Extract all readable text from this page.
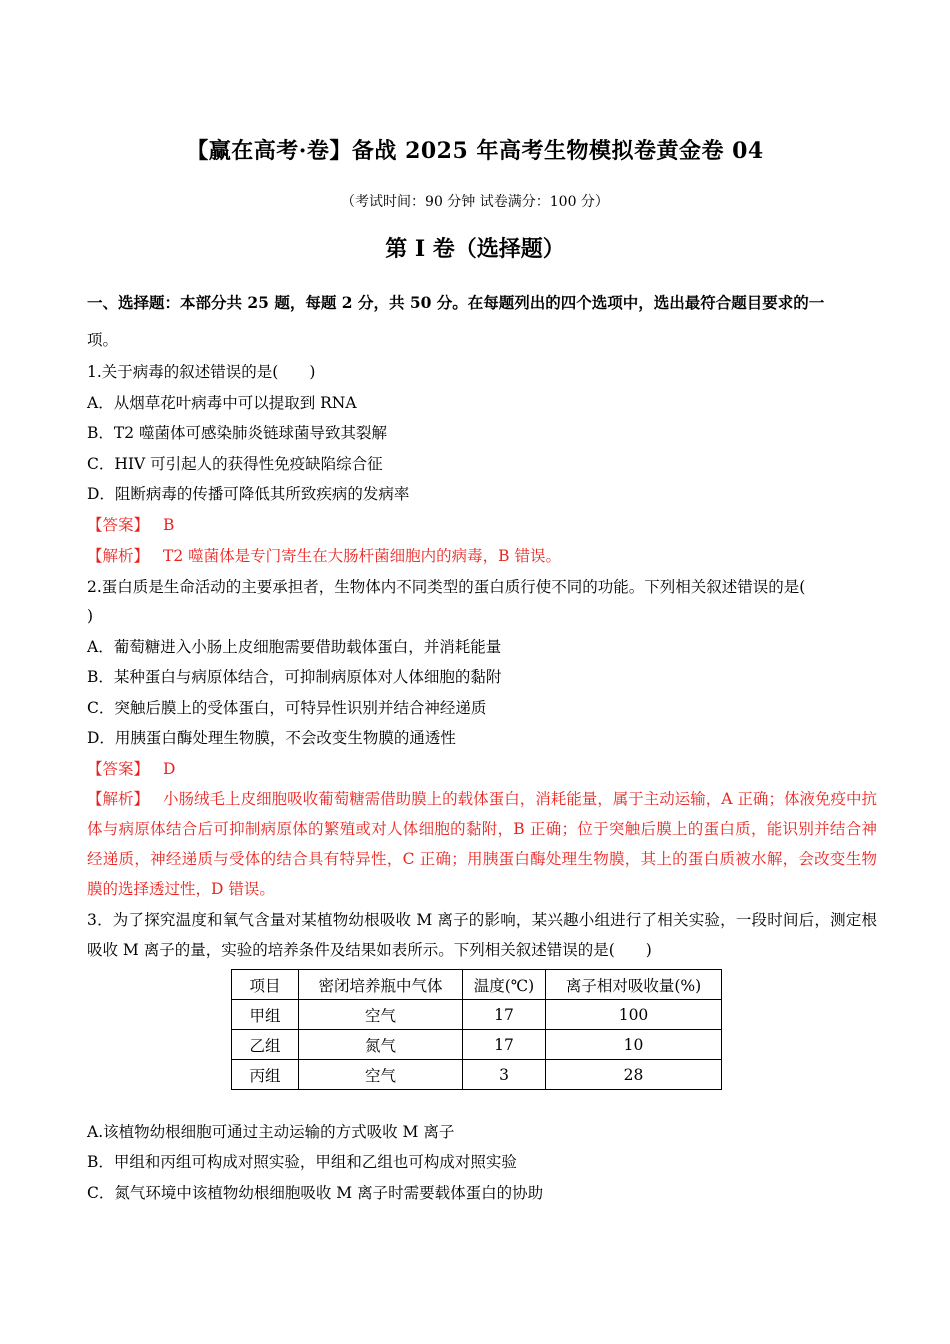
【赢在高考·卷】备战 2025 年高考生物模拟卷黄金卷 04
（考试时间：90 分钟 试卷满分：100 分）
第 I 卷（选择题）
一、选择题：本部分共 25 题，每题 2 分，共 50 分。在每题列出的四个选项中，选出最符合题目要求的一
项。
1.关于病毒的叙述错误的是(　　)
A．从烟草花叶病毒中可以提取到 RNA
B．T2 噬菌体可感染肺炎链球菌导致其裂解
C．HIV 可引起人的获得性免疫缺陷综合征
D．阻断病毒的传播可降低其所致疾病的发病率
【答案】 B
【解析】 T2 噬菌体是专门寄生在大肠杆菌细胞内的病毒，B 错误。
2.蛋白质是生命活动的主要承担者，生物体内不同类型的蛋白质行使不同的功能。下列相关叙述错误的是(
)
A．葡萄糖进入小肠上皮细胞需要借助载体蛋白，并消耗能量
B．某种蛋白与病原体结合，可抑制病原体对人体细胞的黏附
C．突触后膜上的受体蛋白，可特异性识别并结合神经递质
D．用胰蛋白酶处理生物膜，不会改变生物膜的通透性
【答案】 D
【解析】 小肠绒毛上皮细胞吸收葡萄糖需借助膜上的载体蛋白，消耗能量，属于主动运输，A 正确；体液免疫中抗体与病原体结合后可抑制病原体的繁殖或对人体细胞的黏附，B 正确；位于突触后膜上的蛋白质，能识别并结合神经递质，神经递质与受体的结合具有特异性，C 正确；用胰蛋白酶处理生物膜，其上的蛋白质被水解，会改变生物膜的选择透过性，D 错误。
3．为了探究温度和氧气含量对某植物幼根吸收 M 离子的影响，某兴趣小组进行了相关实验，一段时间后，测定根吸收 M 离子的量，实验的培养条件及结果如表所示。下列相关叙述错误的是(　　)
项目	密闭培养瓶中气体	温度(℃)	离子相对吸收量(%)
甲组	空气	17	100
乙组	氮气	17	10
丙组	空气	3	28
A.该植物幼根细胞可通过主动运输的方式吸收 M 离子
B．甲组和丙组可构成对照实验，甲组和乙组也可构成对照实验
C．氮气环境中该植物幼根细胞吸收 M 离子时需要载体蛋白的协助
